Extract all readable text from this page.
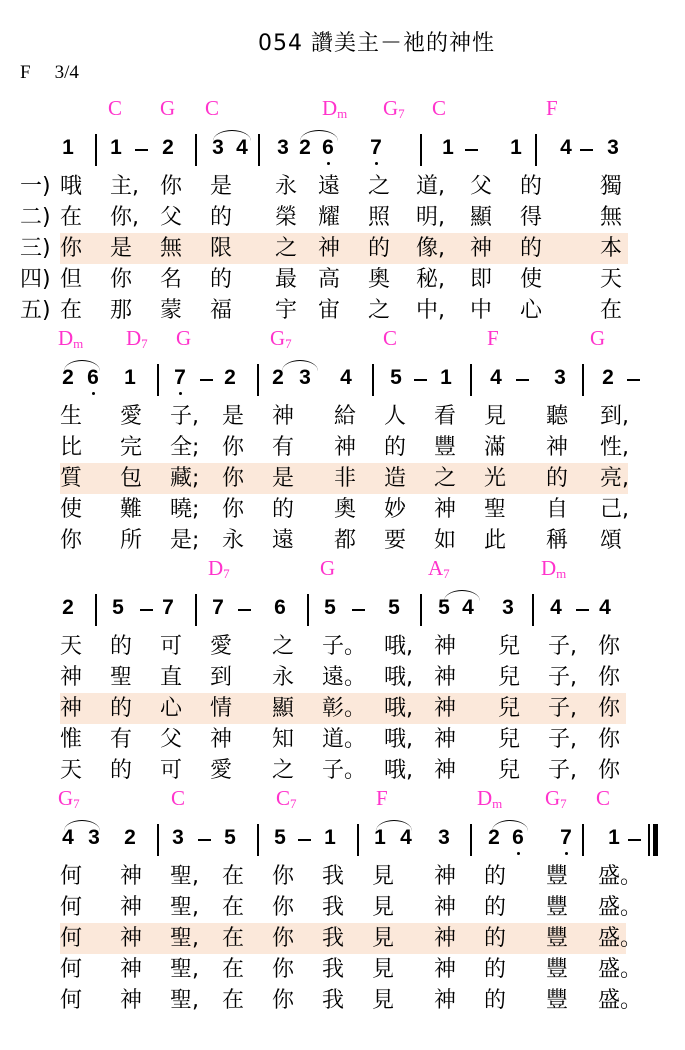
054 讚美主－祂的神性
F 3/4
C G C	$D_m$ $G_7$ C	F
1 1 2 3 4 3 2 6 7	1	1 4 3
一) 哦 主, 你 是 永 遠 之 道, 父 的	獨
二) 在 你, 父 的 榮 耀 照 明, 顯 得	無
三) 你 是 無 限 之 神 的 像, 神 的	本
四) 但 你 名 的 最 高 奧 秘, 即 使	天
五) 在 那 蒙 福 宇 宙 之 中, 中 心	在
$D_m$ $D_7$ G	$G_7$	C	F	G
2 6 1 7 2 2 3 4 5 1 4 3 2
生 愛 子, 是 神 給 人 看 見 聽 到,
比 完 全; 你 有 神 的 豐 滿 神 性,
質 包 藏; 你 是 非 造 之 光 的 亮,
使 難 曉; 你 的 奧 妙 神 聖 自 己,
你 所 是; 永 遠 都 要 如 此 稱 頌
$D_7$	G	$A_7$	$D_m$
2 5 7 7 6 5 5 5 4 3 4 4
天 的 可 愛 之 子。 哦, 神 兒 子, 你
神 聖 直 到 永 遠。 哦, 神 兒 子, 你
神 的 心 情 顯 彰。 哦, 神 兒 子, 你
惟 有 父 神 知 道。 哦, 神 兒 子, 你
天 的 可 愛 之 子。 哦, 神 兒 子, 你
$G_7$	C	$C_7$	F	$D_m$ $G_7$ C
4 3 2 3 5 5 1 1 4 3 2 6 7 1
何 神 聖, 在 你 我 見 神 的 豐 盛。
何 神 聖, 在 你 我 見 神 的 豐 盛。
何 神 聖, 在 你 我 見 神 的 豐 盛。
何 神 聖, 在 你 我 見 神 的 豐 盛。
何 神 聖, 在 你 我 見 神 的 豐 盛。
